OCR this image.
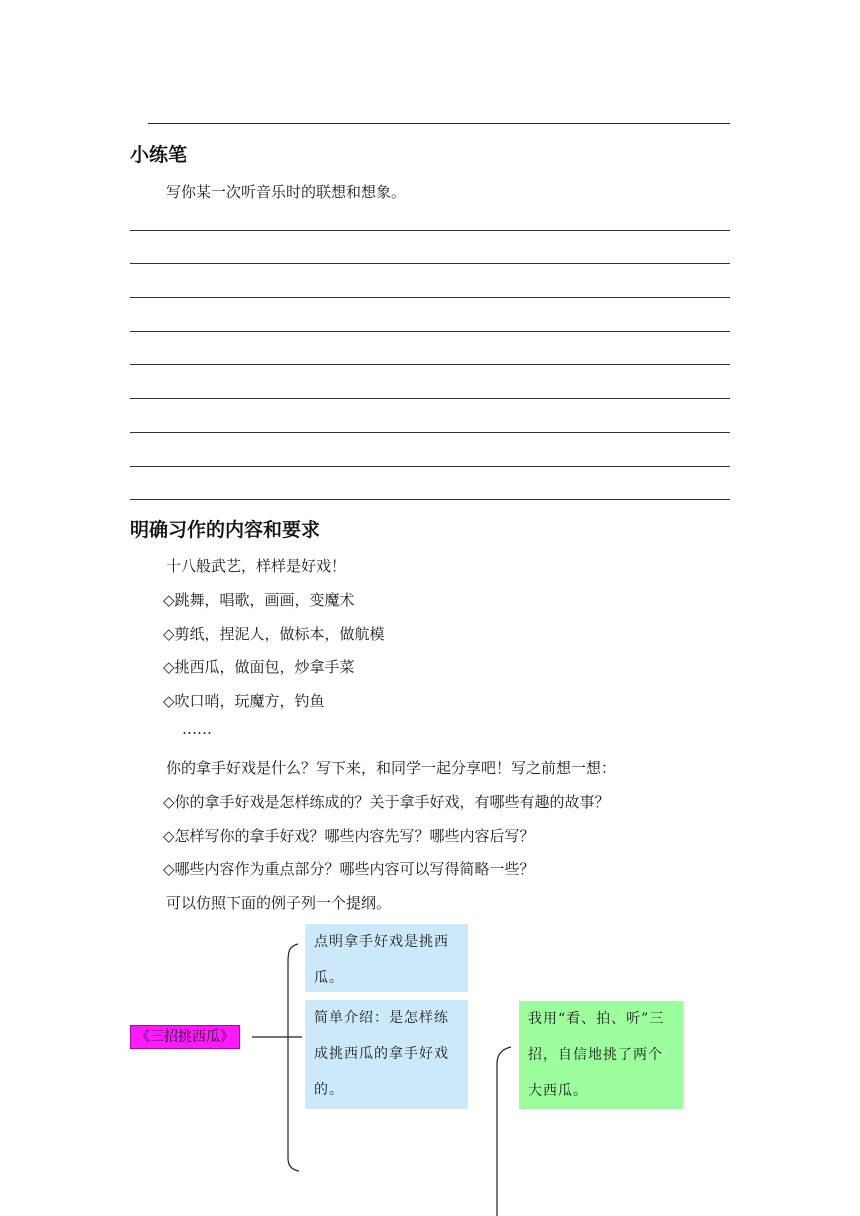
小练笔
写你某一次听音乐时的联想和想象。
明确习作的内容和要求
十八般武艺，样样是好戏！
◇跳舞，唱歌，画画，变魔术
◇剪纸，捏泥人，做标本，做航模
◇挑西瓜，做面包，炒拿手菜
◇吹口哨，玩魔方，钓鱼
……
你的拿手好戏是什么？写下来，和同学一起分享吧！写之前想一想：
◇你的拿手好戏是怎样练成的？关于拿手好戏，有哪些有趣的故事？
◇怎样写你的拿手好戏？哪些内容先写？哪些内容后写？
◇哪些内容作为重点部分？哪些内容可以写得简略一些？
可以仿照下面的例子列一个提纲。
《三招挑西瓜》
点明拿手好戏是挑西瓜。
简单介绍：是怎样练成挑西瓜的拿手好戏的。
我用“看、拍、听”三招，自信地挑了两个大西瓜。
